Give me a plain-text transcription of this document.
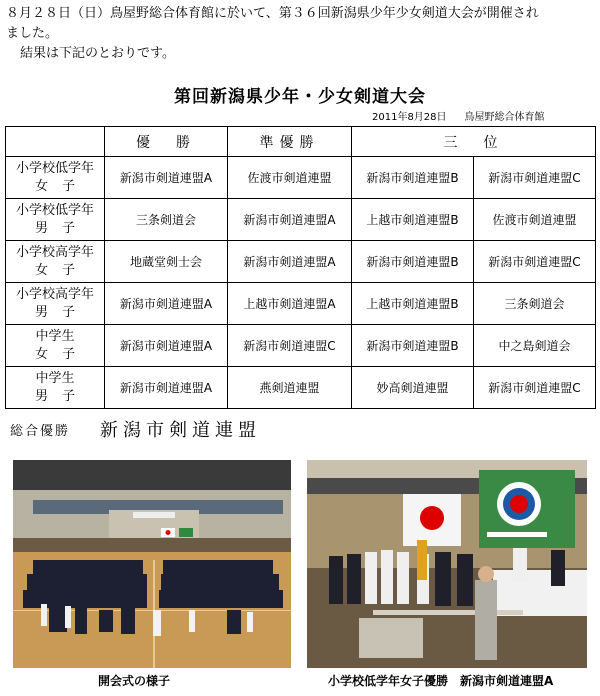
８月２８日（日）鳥屋野総合体育館に於いて、第３６回新潟県少年少女剣道大会が開催され

ました。

結果は下記のとおりです。

第回新潟県少年・少女剣道大会
2011年8月28日 鳥屋野総合体育館
	優　勝	準優勝	三　位	

小学校低学年
女子	新潟市剣道連盟A	佐渡市剣道連盟	新潟市剣道連盟B	新潟市剣道連盟C

小学校低学年
男子	三条剣道会	新潟市剣道連盟A	上越市剣道連盟B	佐渡市剣道連盟

小学校高学年
女子	地蔵堂剣士会	新潟市剣道連盟A	新潟市剣道連盟B	新潟市剣道連盟C

小学校高学年
男子	新潟市剣道連盟A	上越市剣道連盟A	上越市剣道連盟B	三条剣道会

中学生
女子	新潟市剣道連盟A	新潟市剣道連盟C	新潟市剣道連盟B	中之島剣道会

中学生
男子	新潟市剣道連盟A	燕剣道連盟	妙高剣道連盟	新潟市剣道連盟C
総合優勝 新潟市剣道連盟
開会式の様子	小学校低学年女子優勝 新潟市剣道連盟A
